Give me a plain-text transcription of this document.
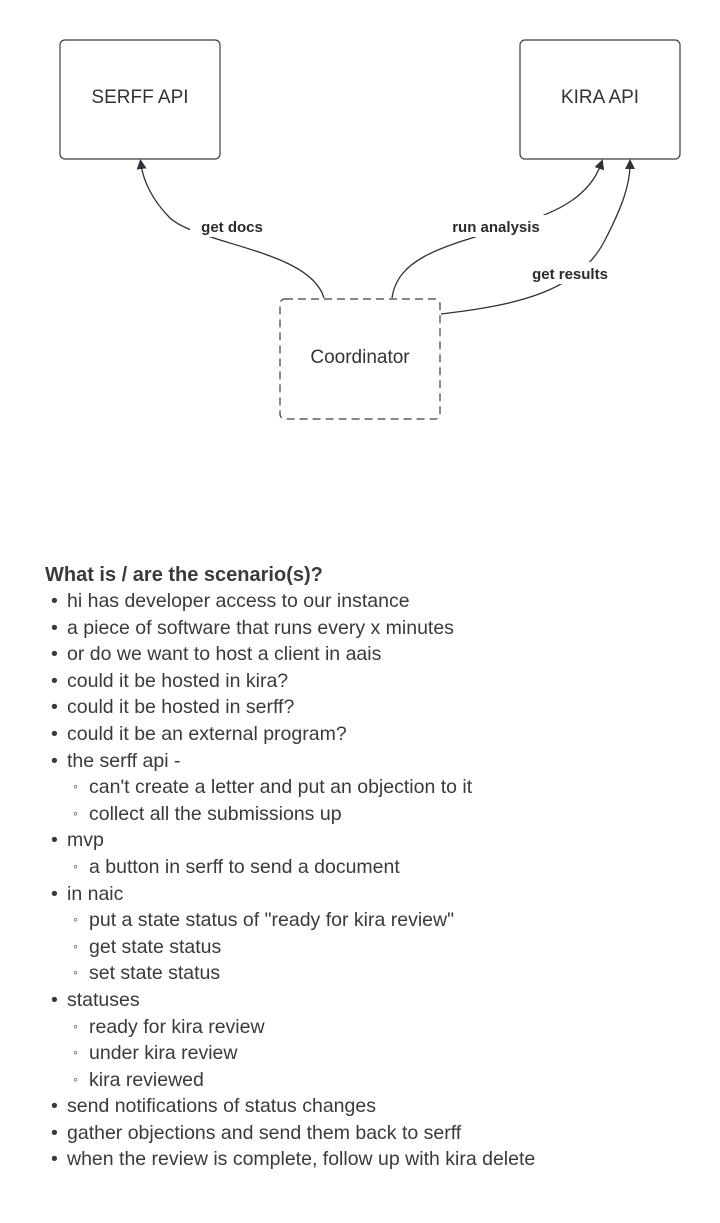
SERFF API	KIRA API
Coordinator
get docs	run analysis
get results

What is / are the scenario(s)?

• hi has developer access to our instance
• a piece of software that runs every x minutes
• or do we want to host a client in aais
• could it be hosted in kira?
• could it be hosted in serff?
• could it be an external program?
• the serff api -
◦ can't create a letter and put an objection to it
◦ collect all the submissions up
• mvp
◦ a button in serff to send a document
• in naic
◦ put a state status of "ready for kira review"
◦ get state status
◦ set state status
• statuses
◦ ready for kira review
◦ under kira review
◦ kira reviewed
• send notifications of status changes
• gather objections and send them back to serff
• when the review is complete, follow up with kira delete
